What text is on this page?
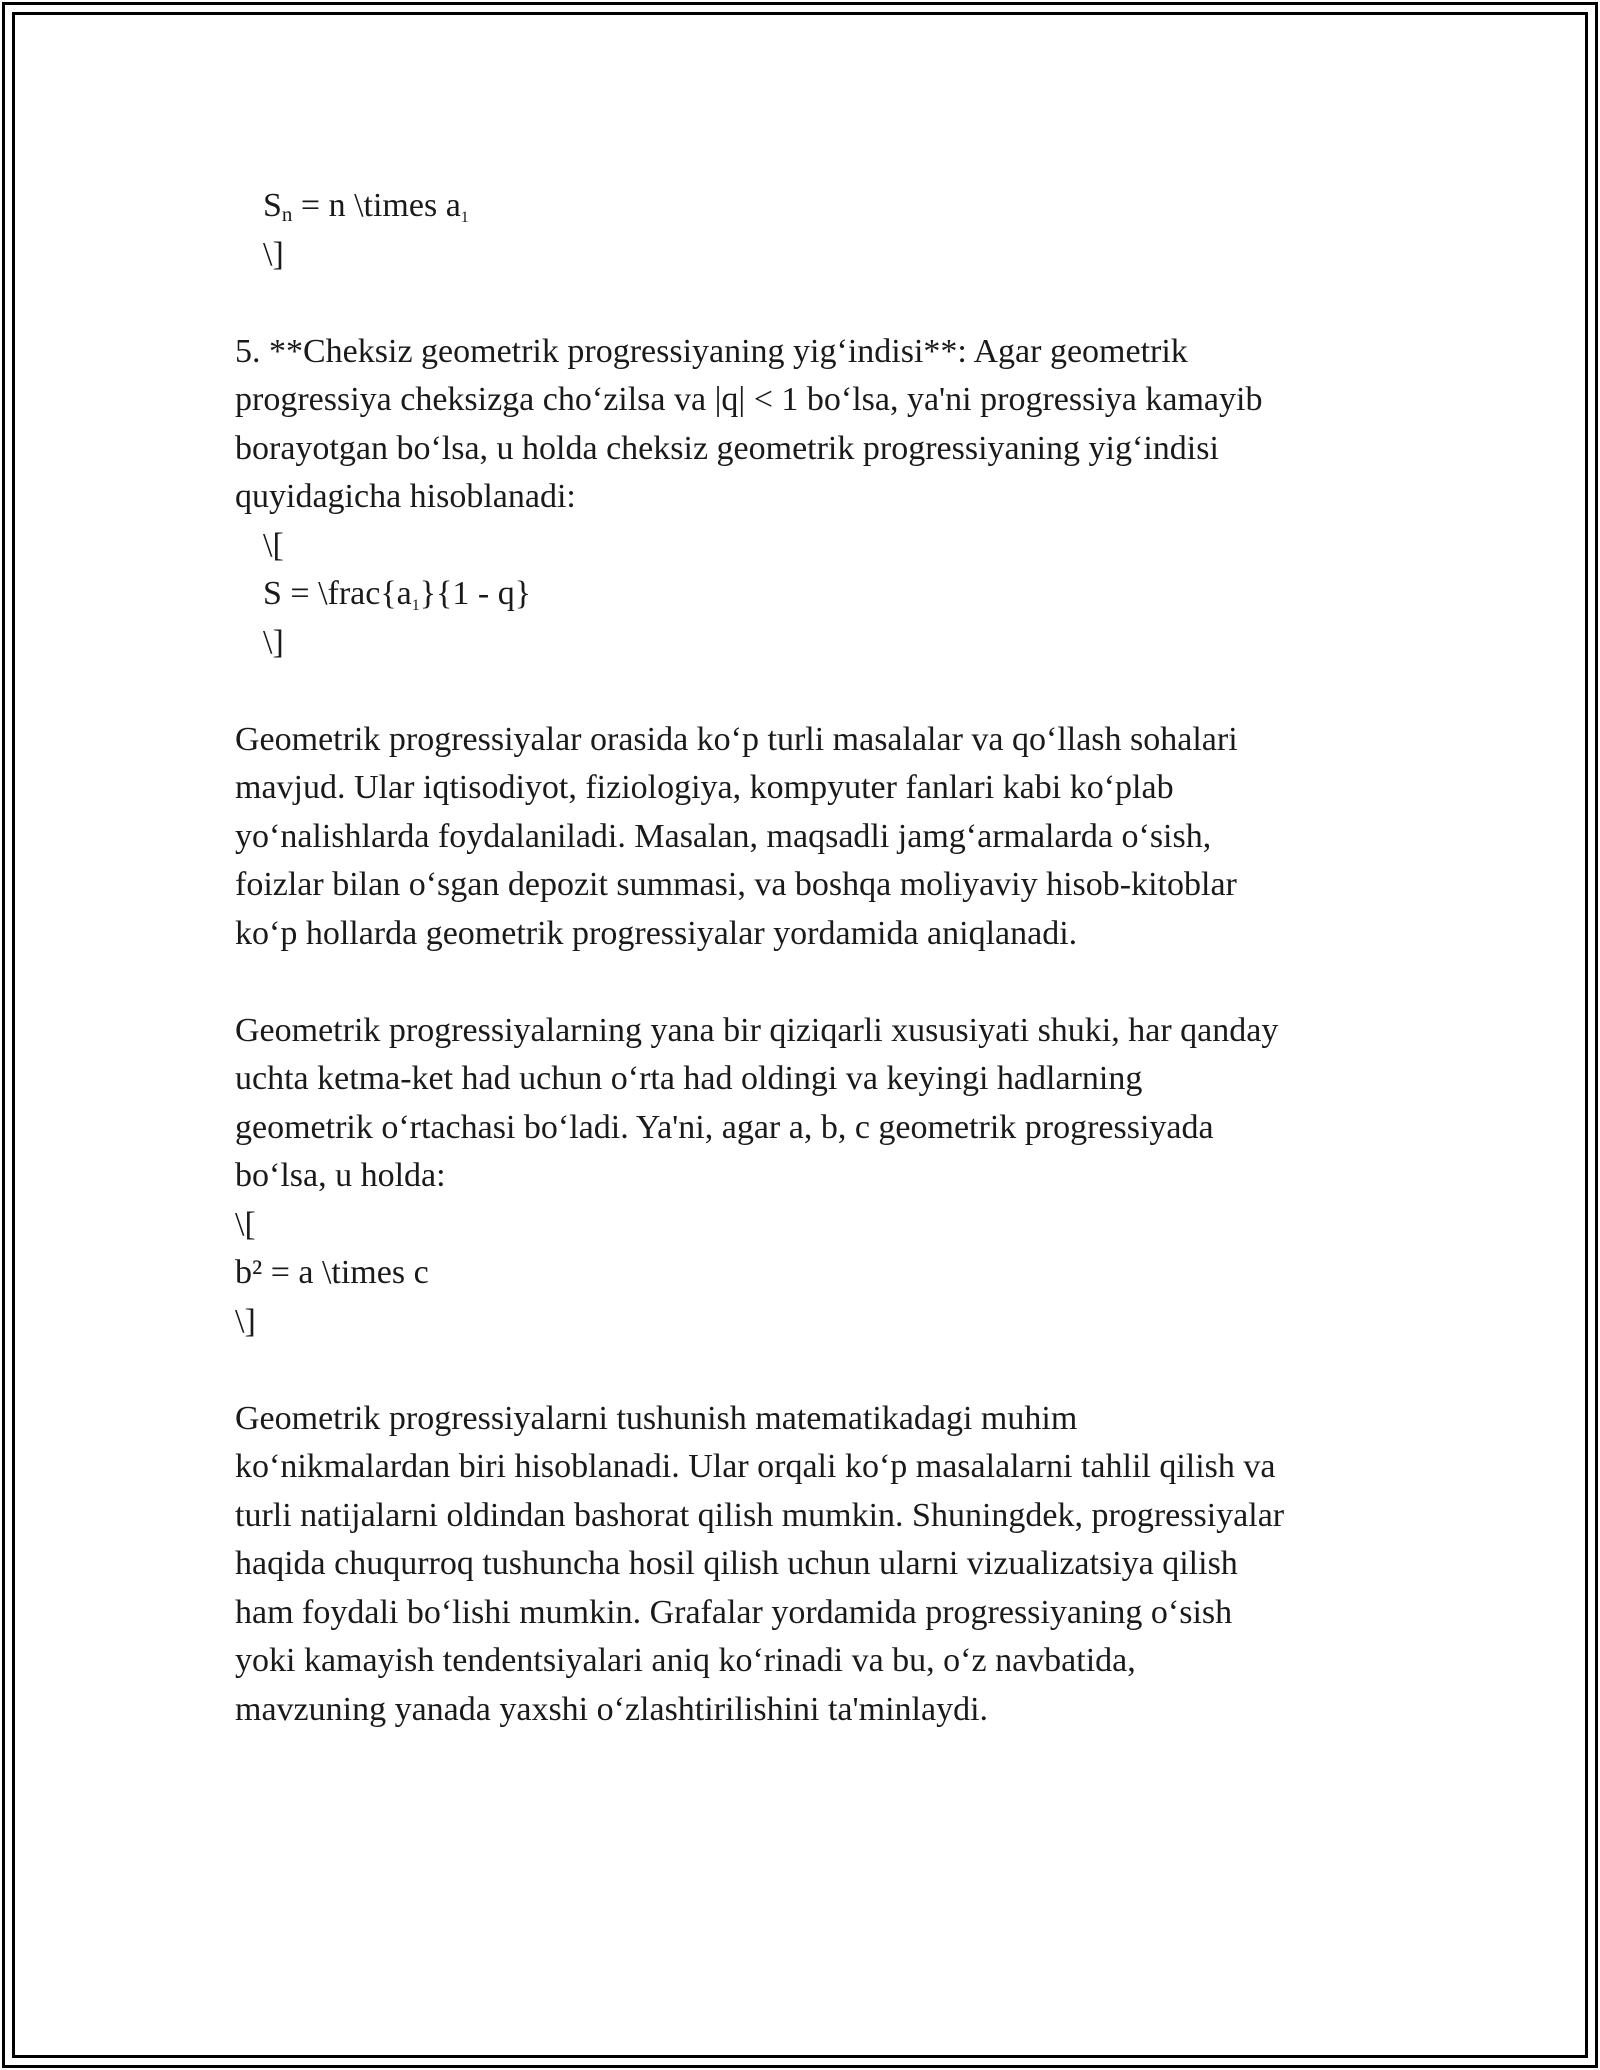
$S_n = n$ \times $a_1$
\]
5. **Cheksiz geometrik progressiyaning yig‘indisi**: Agar geometrik
progressiya cheksizga cho‘zilsa va |q| < 1 bo‘lsa, ya'ni progressiya kamayib
borayotgan bo‘lsa, u holda cheksiz geometrik progressiyaning yig‘indisi
quyidagicha hisoblanadi:
\[
$S = \backslash frac\{a_1\}\{1 - q\}$
\]
Geometrik progressiyalar orasida ko‘p turli masalalar va qo‘llash sohalari
mavjud. Ular iqtisodiyot, fiziologiya, kompyuter fanlari kabi ko‘plab
yo‘nalishlarda foydalaniladi. Masalan, maqsadli jamg‘armalarda o‘sish,
foizlar bilan o‘sgan depozit summasi, va boshqa moliyaviy hisob-kitoblar
ko‘p hollarda geometrik progressiyalar yordamida aniqlanadi.
Geometrik progressiyalarning yana bir qiziqarli xususiyati shuki, har qanday
uchta ketma-ket had uchun o‘rta had oldingi va keyingi hadlarning
geometrik o‘rtachasi bo‘ladi. Ya'ni, agar a, b, c geometrik progressiyada
bo‘lsa, u holda:
\[
b² = a \times c
\]
Geometrik progressiyalarni tushunish matematikadagi muhim
ko‘nikmalardan biri hisoblanadi. Ular orqali ko‘p masalalarni tahlil qilish va
turli natijalarni oldindan bashorat qilish mumkin. Shuningdek, progressiyalar
haqida chuqurroq tushuncha hosil qilish uchun ularni vizualizatsiya qilish
ham foydali bo‘lishi mumkin. Grafalar yordamida progressiyaning o‘sish
yoki kamayish tendentsiyalari aniq ko‘rinadi va bu, o‘z navbatida,
mavzuning yanada yaxshi o‘zlashtirilishini ta'minlaydi.
